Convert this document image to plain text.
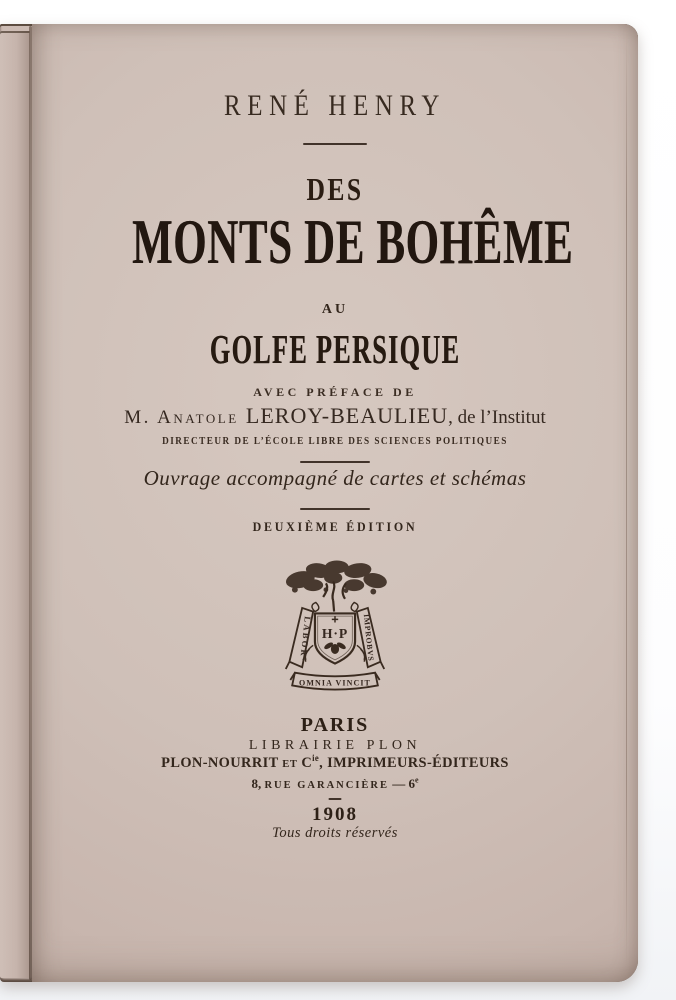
RENÉ HENRY
DES
MONTS DE BOHÊME
AU
GOLFE PERSIQUE
AVEC PRÉFACE DE
M. Anatole LEROY-BEAULIEU, de l’Institut
DIRECTEUR DE L’ÉCOLE LIBRE DES SCIENCES POLITIQUES
Ouvrage accompagné de cartes et schémas
DEUXIÈME ÉDITION
H·P
LABOR·	IMPROBVS
OMNIA VINCIT
PARIS
LIBRAIRIE PLON
PLON-NOURRIT ET $C^{ie}$, IMPRIMEURS-ÉDITEURS
8, RUE GARANCIÈRE — 6e
1908
Tous droits réservés
